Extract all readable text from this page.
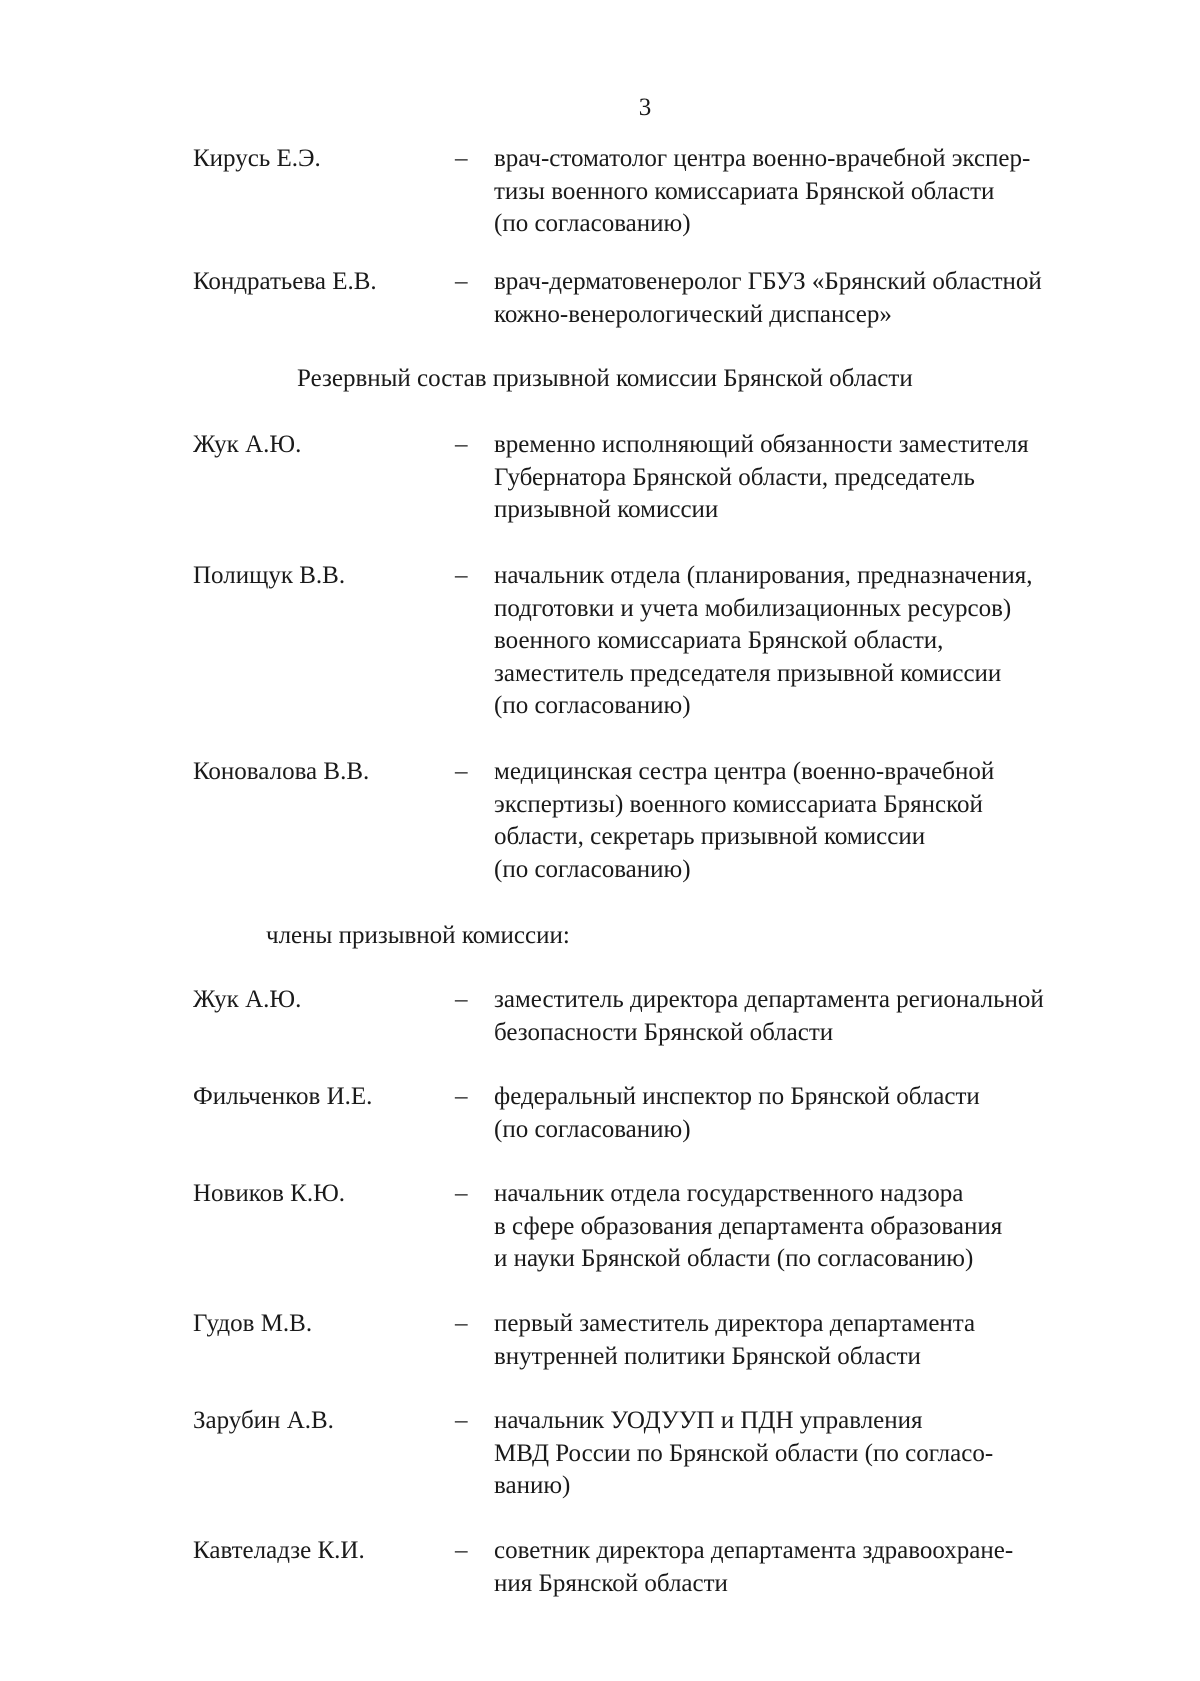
3
Кирусь Е.Э.	– врач-стоматолог центра военно-врачебной экспер-
тизы военного комиссариата Брянской области
(по согласованию)
Кондратьева Е.В.	– врач-дерматовенеролог ГБУЗ «Брянский областной
кожно-венерологический диспансер»
Резервный состав призывной комиссии Брянской области
Жук А.Ю.	– временно исполняющий обязанности заместителя
Губернатора Брянской области, председатель
призывной комиссии
Полищук В.В.	– начальник отдела (планирования, предназначения,
подготовки и учета мобилизационных ресурсов)
военного комиссариата Брянской области,
заместитель председателя призывной комиссии
(по согласованию)
Коновалова В.В.	– медицинская сестра центра (военно-врачебной
экспертизы) военного комиссариата Брянской
области, секретарь призывной комиссии
(по согласованию)
члены призывной комиссии:
Жук А.Ю.	– заместитель директора департамента региональной
безопасности Брянской области
Фильченков И.Е.	– федеральный инспектор по Брянской области
(по согласованию)
Новиков К.Ю.	– начальник отдела государственного надзора
в сфере образования департамента образования
и науки Брянской области (по согласованию)
Гудов М.В.	– первый заместитель директора департамента
внутренней политики Брянской области
Зарубин А.В.	– начальник УОДУУП и ПДН управления
МВД России по Брянской области (по согласо-
ванию)
Кавтеладзе К.И.	– советник директора департамента здравоохране-
ния Брянской области
